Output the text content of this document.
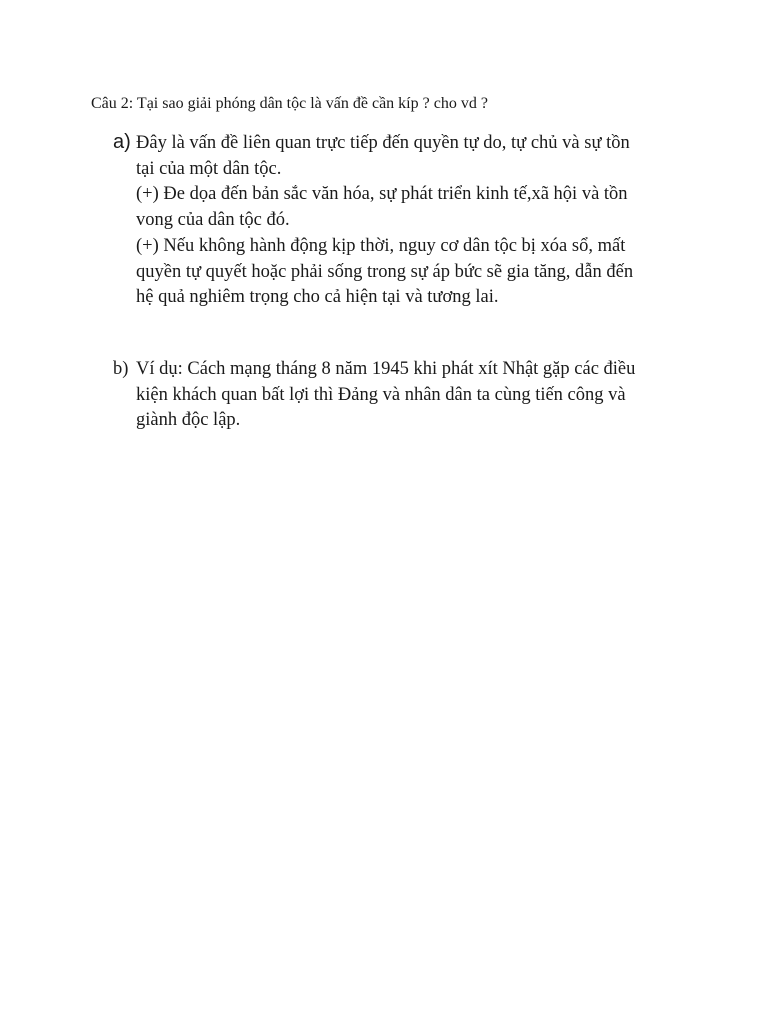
Câu 2: Tại sao giải phóng dân tộc là vấn đề cần kíp ? cho vd ?
a) Đây là vấn đề liên quan trực tiếp đến quyền tự do, tự chủ và sự tồn
tại của một dân tộc.
(+) Đe dọa đến bản sắc văn hóa, sự phát triển kinh tế,xã hội và tồn
vong của dân tộc đó.
(+) Nếu không hành động kịp thời, nguy cơ dân tộc bị xóa sổ, mất
quyền tự quyết hoặc phải sống trong sự áp bức sẽ gia tăng, dẫn đến
hệ quả nghiêm trọng cho cả hiện tại và tương lai.
b) Ví dụ: Cách mạng tháng 8 năm 1945 khi phát xít Nhật gặp các điều
kiện khách quan bất lợi thì Đảng và nhân dân ta cùng tiến công và
giành độc lập.
